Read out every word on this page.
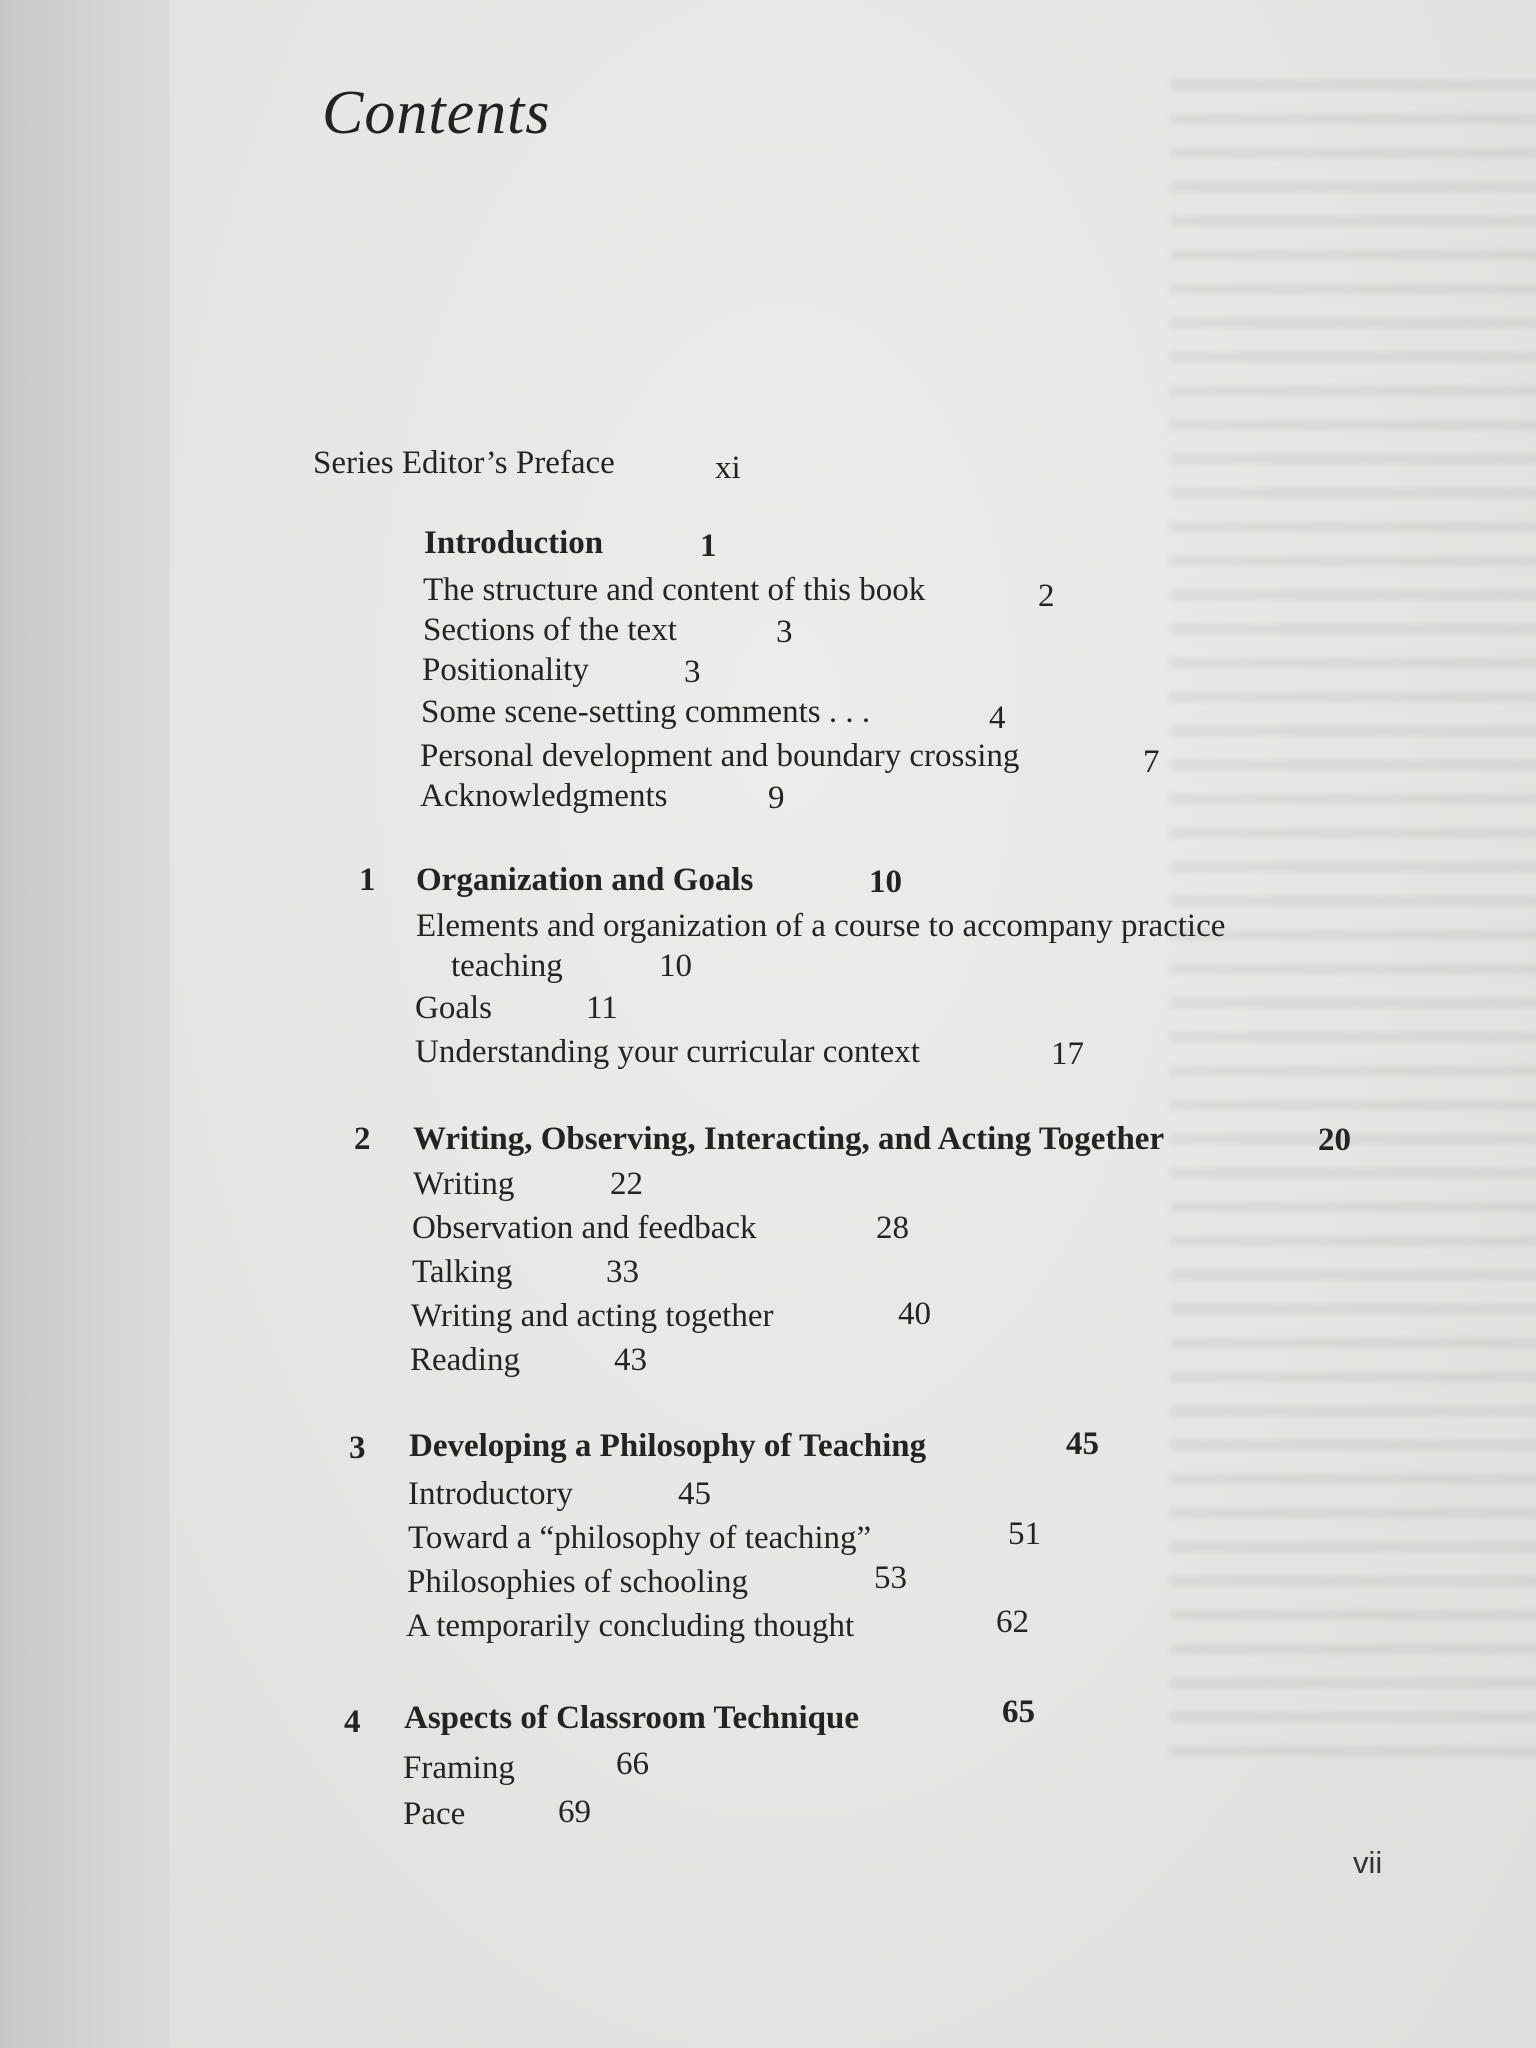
Contents
Series Editor’s Preface	xi
Introduction	1
The structure and content of this book	2
Sections of the text	3
Positionality	3
Some scene-setting comments . . .	4
Personal development and boundary crossing	7
Acknowledgments	9
1 Organization and Goals	10
Elements and organization of a course to accompany practice
teaching	10
Goals	11
Understanding your curricular context	17
2 Writing, Observing, Interacting, and Acting Together	20
Writing	22
Observation and feedback	28
Talking	33
Writing and acting together	40
Reading	43
3 Developing a Philosophy of Teaching	45
Introductory	45
Toward a “philosophy of teaching”	51
Philosophies of schooling	53
A temporarily concluding thought	62
4 Aspects of Classroom Technique	65
Framing	66
Pace	69
vii
